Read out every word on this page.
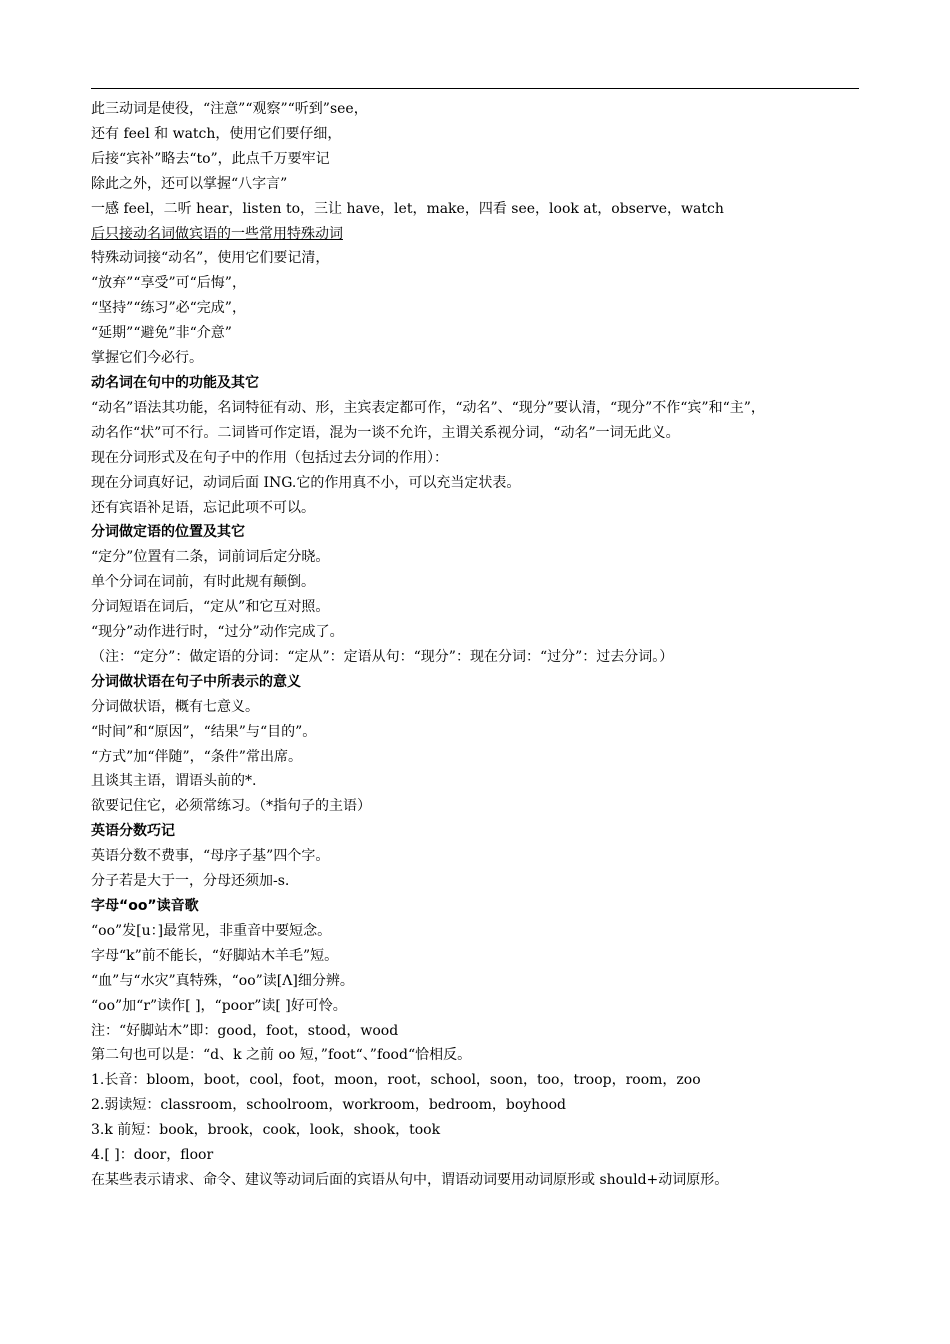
此三动词是使役，“注意”“观察”“听到”see，
还有 feel 和 watch，使用它们要仔细，
后接“宾补”略去“to”，此点千万要牢记
除此之外，还可以掌握“八字言”
一感 feel，二听 hear，listen to，三让 have，let，make，四看 see，look at，observe，watch
后只接动名词做宾语的一些常用特殊动词
特殊动词接“动名”，使用它们要记清，
“放弃”“享受”可“后悔”，
“坚持”“练习”必“完成”，
“延期”“避免”非“介意”
掌握它们今必行。
动名词在句中的功能及其它
“动名”语法其功能，名词特征有动、形，主宾表定都可作，“动名”、“现分”要认清，“现分”不作“宾”和“主”，
动名作“状”可不行。二词皆可作定语，混为一谈不允许，主谓关系视分词，“动名”一词无此义。
现在分词形式及在句子中的作用（包括过去分词的作用）：
现在分词真好记，动词后面 ING.它的作用真不小，可以充当定状表。
还有宾语补足语，忘记此项不可以。
分词做定语的位置及其它
“定分”位置有二条，词前词后定分晓。
单个分词在词前，有时此规有颠倒。
分词短语在词后，“定从”和它互对照。
“现分”动作进行时，“过分”动作完成了。
（注：“定分”：做定语的分词：“定从”：定语从句：“现分”：现在分词：“过分”：过去分词。）
分词做状语在句子中所表示的意义
分词做状语，概有七意义。
“时间”和“原因”，“结果”与“目的”。
“方式”加“伴随”，“条件”常出席。
且谈其主语，谓语头前的*.
欲要记住它，必须常练习。（*指句子的主语）
英语分数巧记
英语分数不费事，“母序子基”四个字。
分子若是大于一，分母还须加-s.
字母“oo”读音歌
“oo”发[u：]最常见，非重音中要短念。
字母“k”前不能长，“好脚站木羊毛”短。
“血”与“水灾”真特殊，“oo”读[Λ]细分辨。
“oo”加“r”读作[ ]，“poor”读[ ]好可怜。
注：“好脚站木”即：good，foot，stood，wood
第二句也可以是：“d、k 之前 oo 短，”foot“、”food“恰相反。
1.长音：bloom，boot，cool，foot，moon，root，school，soon，too，troop，room，zoo
2.弱读短：classroom，schoolroom，workroom，bedroom，boyhood
3.k 前短：book，brook，cook，look，shook，took
4.[ ]：door，floor
在某些表示请求、命令、建议等动词后面的宾语从句中，谓语动词要用动词原形或 should+动词原形。
